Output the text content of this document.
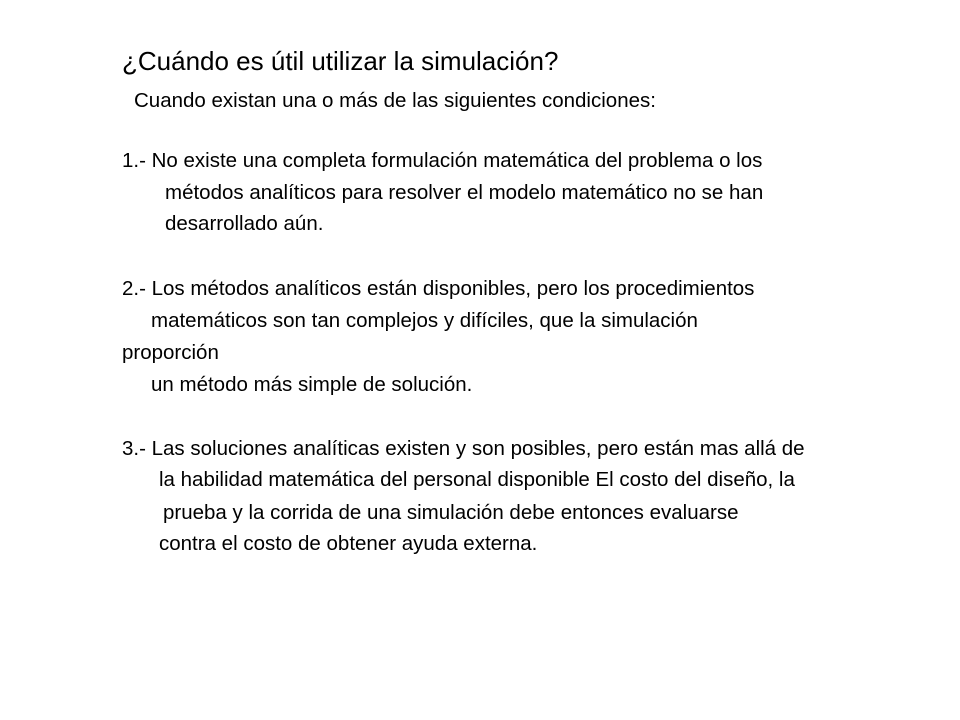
¿Cuándo es útil utilizar la simulación?
Cuando existan una o más de las siguientes condiciones:
1.- No existe una completa formulación matemática del problema o los
métodos analíticos para resolver el modelo matemático no se han
desarrollado aún.
2.- Los métodos analíticos están disponibles, pero los procedimientos
matemáticos son tan complejos y difíciles, que la simulación
proporción
un método más simple de solución.
3.- Las soluciones analíticas existen y son posibles, pero están mas allá de
la habilidad matemática del personal disponible El costo del diseño, la
prueba y la corrida de una simulación debe entonces evaluarse
contra el costo de obtener ayuda externa.
